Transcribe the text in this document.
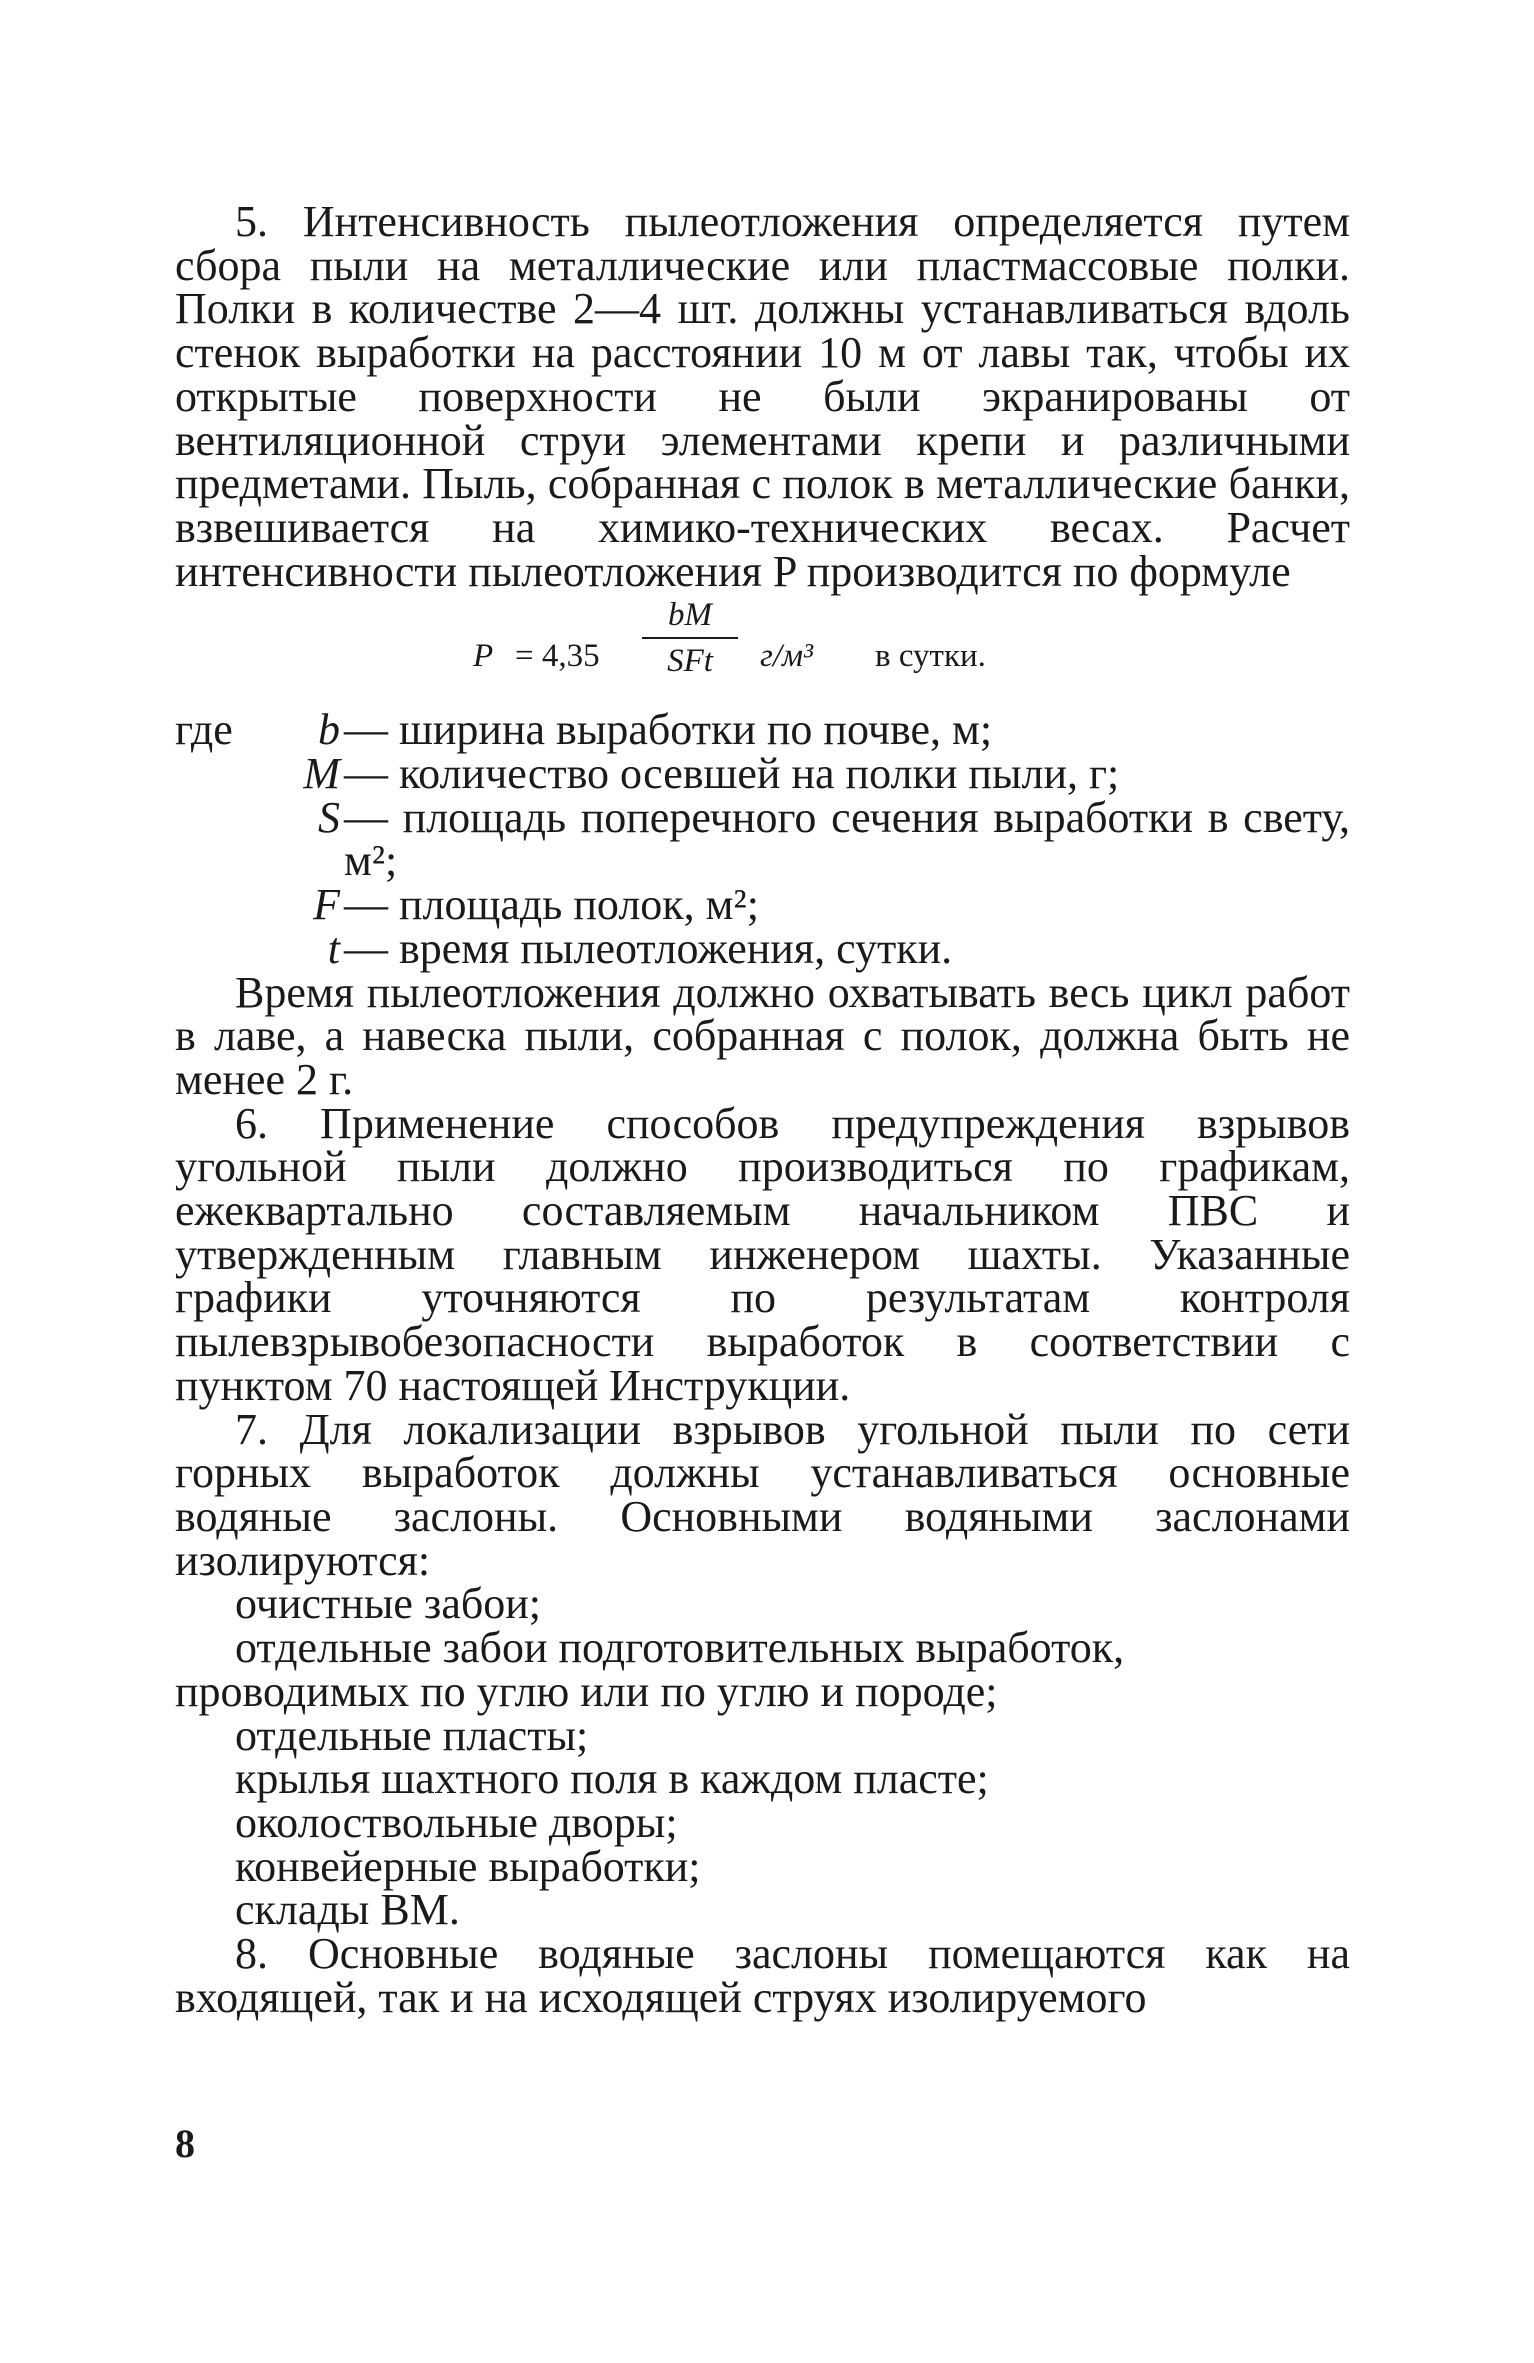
5. Интенсивность пылеотложения определяется путем сбора пыли на металлические или пластмассовые полки. Полки в количестве 2—4 шт. должны устанавливаться вдоль стенок выработки на расстоянии 10 м от лавы так, чтобы их открытые поверхности не были экранированы от вентиляционной струи элементами крепи и различными предметами. Пыль, собранная с полок в металлические банки, взвешивается на химико-технических весах. Расчет интенсивности пылеотложения P производится по формуле

P = 4,35
bM
SFt	г/м³ в сутки.
где	b — ширина выработки по почве, м;
M — количество осевшей на полки пыли, г;
S — площадь поперечного сечения выработки в свету, м²;
F — площадь полок, м²;
t — время пылеотложения, сутки.

Время пылеотложения должно охватывать весь цикл работ в лаве, а навеска пыли, собранная с полок, должна быть не менее 2 г.

6. Применение способов предупреждения взрывов угольной пыли должно производиться по графикам, ежеквартально составляемым начальником ПВС и утвержденным главным инженером шахты. Указанные графики уточняются по результатам контроля пылевзрывобезопасности выработок в соответствии с пунктом 70 настоящей Инструкции.

7. Для локализации взрывов угольной пыли по сети горных выработок должны устанавливаться основные водяные заслоны. Основными водяными заслонами изолируются:

очистные забои;

отдельные забои подготовительных выработок, проводимых по углю или по углю и породе;

отдельные пласты;

крылья шахтного поля в каждом пласте;

околоствольные дворы;

конвейерные выработки;

склады ВМ.

8. Основные водяные заслоны помещаются как на входящей, так и на исходящей струях изолируемого

8
